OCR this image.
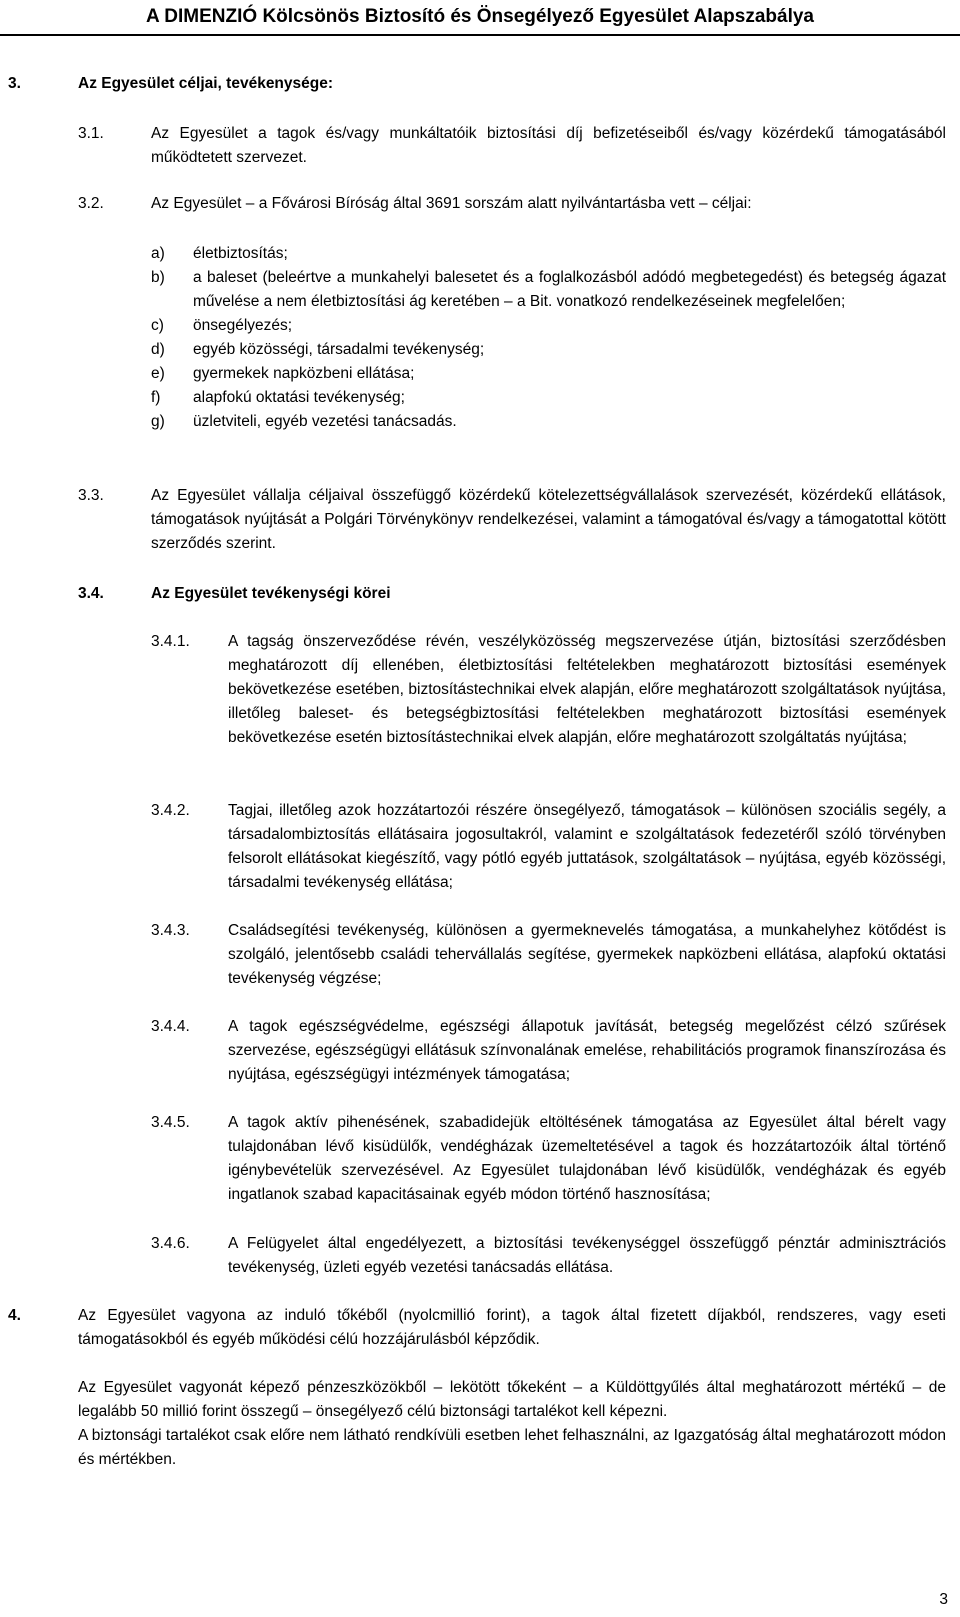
A DIMENZIÓ Kölcsönös Biztosító és Önsegélyező Egyesület Alapszabálya
3.	Az Egyesület céljai, tevékenysége:
3.1.	Az Egyesület a tagok és/vagy munkáltatóik biztosítási díj befizetéseiből és/vagy közérdekű támogatásából működtetett szervezet.
3.2.	Az Egyesület – a Fővárosi Bíróság által 3691 sorszám alatt nyilvántartásba vett – céljai:
a)	életbiztosítás;
b)	a baleset (beleértve a munkahelyi balesetet és a foglalkozásból adódó megbetegedést) és betegség ágazat művelése a nem életbiztosítási ág keretében – a Bit. vonatkozó rendelkezéseinek megfelelően;
c)	önsegélyezés;
d)	egyéb közösségi, társadalmi tevékenység;
e)	gyermekek napközbeni ellátása;
f)	alapfokú oktatási tevékenység;
g)	üzletviteli, egyéb vezetési tanácsadás.
3.3.	Az Egyesület vállalja céljaival összefüggő közérdekű kötelezettségvállalások szervezését, közérdekű ellátások, támogatások nyújtását a Polgári Törvénykönyv rendelkezései, valamint a támogatóval és/vagy a támogatottal kötött szerződés szerint.
3.4.	Az Egyesület tevékenységi körei
3.4.1.	A tagság önszerveződése révén, veszélyközösség megszervezése útján, biztosítási szerződésben meghatározott díj ellenében, életbiztosítási feltételekben meghatározott biztosítási események bekövetkezése esetében, biztosítástechnikai elvek alapján, előre meghatározott szolgáltatások nyújtása, illetőleg baleset- és betegségbiztosítási feltételekben meghatározott biztosítási események bekövetkezése esetén biztosítástechnikai elvek alapján, előre meghatározott szolgáltatás nyújtása;
3.4.2.	Tagjai, illetőleg azok hozzátartozói részére önsegélyező, támogatások – különösen szociális segély, a társadalombiztosítás ellátásaira jogosultakról, valamint e szolgáltatások fedezetéről szóló törvényben felsorolt ellátásokat kiegészítő, vagy pótló egyéb juttatások, szolgáltatások – nyújtása, egyéb közösségi, társadalmi tevékenység ellátása;
3.4.3.	Családsegítési tevékenység, különösen a gyermeknevelés támogatása, a munkahelyhez kötődést is szolgáló, jelentősebb családi tehervállalás segítése, gyermekek napközbeni ellátása, alapfokú oktatási tevékenység végzése;
3.4.4.	A tagok egészségvédelme, egészségi állapotuk javítását, betegség megelőzést célzó szűrések szervezése, egészségügyi ellátásuk színvonalának emelése, rehabilitációs programok finanszírozása és nyújtása, egészségügyi intézmények támogatása;
3.4.5.	A tagok aktív pihenésének, szabadidejük eltöltésének támogatása az Egyesület által bérelt vagy tulajdonában lévő kisüdülők, vendégházak üzemeltetésével a tagok és hozzátartozóik által történő igénybevételük szervezésével. Az Egyesület tulajdonában lévő kisüdülők, vendégházak és egyéb ingatlanok szabad kapacitásainak egyéb módon történő hasznosítása;
3.4.6.	A Felügyelet által engedélyezett, a biztosítási tevékenységgel összefüggő pénztár adminisztrációs tevékenység, üzleti egyéb vezetési tanácsadás ellátása.
4.	Az Egyesület vagyona az induló tőkéből (nyolcmillió forint), a tagok által fizetett díjakból, rendszeres, vagy eseti támogatásokból és egyéb működési célú hozzájárulásból képződik.
Az Egyesület vagyonát képező pénzeszközökből – lekötött tőkeként – a Küldöttgyűlés által meghatározott mértékű – de legalább 50 millió forint összegű – önsegélyező célú biztonsági tartalékot kell képezni.
A biztonsági tartalékot csak előre nem látható rendkívüli esetben lehet felhasználni, az Igazgatóság által meghatározott módon és mértékben.
3
